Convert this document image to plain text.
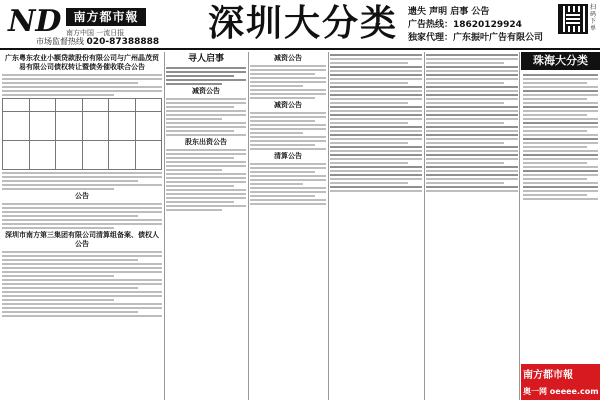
ND	南方都市報
南方中国 一流日报
市场监督热线 020-87388888 深圳大分类 遗失 声明 启事 公告
广告热线：18620129924
独家代理：广东振叶广告有限公司
扫码下单
广东粤东农业小额贷款股份有限公司与广州晶茂贸易有限公司债权转让暨债务催收联合公告

公告
深圳市南方第三集团有限公司清算组备案、债权人公告
寻人启事
减资公告
股东出资公告
减资公告
减资公告
清算公告
珠海大分类
南方都市報
奥一网 oeeee.com
